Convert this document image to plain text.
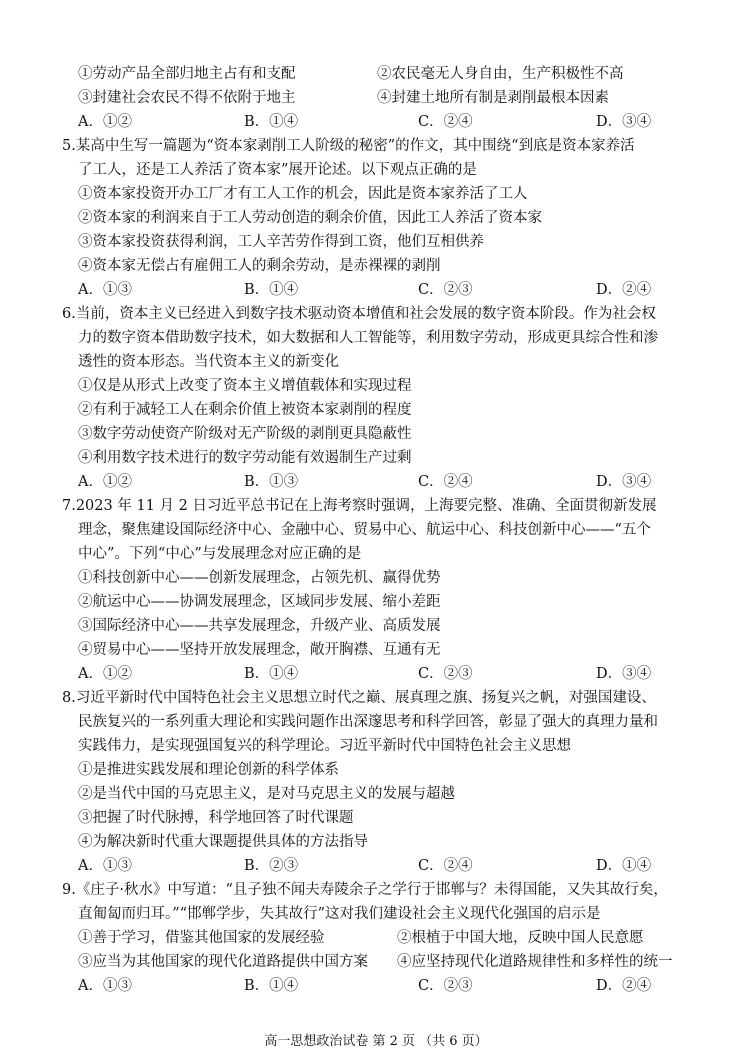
①劳动产品全部归地主占有和支配	②农民毫无人身自由，生产积极性不高
③封建社会农民不得不依附于地主	④封建土地所有制是剥削最根本因素
A．①②	B．①④	C．②④	D．③④
5.某高中生写一篇题为“资本家剥削工人阶级的秘密”的作文，其中围绕“到底是资本家养活
了工人，还是工人养活了资本家”展开论述。以下观点正确的是
①资本家投资开办工厂才有工人工作的机会，因此是资本家养活了工人
②资本家的利润来自于工人劳动创造的剩余价值，因此工人养活了资本家
③资本家投资获得利润，工人辛苦劳作得到工资，他们互相供养
④资本家无偿占有雇佣工人的剩余劳动，是赤裸裸的剥削
A．①③	B．①④	C．②③	D．②④
6.当前，资本主义已经进入到数字技术驱动资本增值和社会发展的数字资本阶段。作为社会权
力的数字资本借助数字技术，如大数据和人工智能等，利用数字劳动，形成更具综合性和渗
透性的资本形态。当代资本主义的新变化
①仅是从形式上改变了资本主义增值载体和实现过程
②有利于减轻工人在剩余价值上被资本家剥削的程度
③数字劳动使资产阶级对无产阶级的剥削更具隐蔽性
④利用数字技术进行的数字劳动能有效遏制生产过剩
A．①②	B．①③	C．②④	D．③④
7.2023 年 11 月 2 日习近平总书记在上海考察时强调，上海要完整、准确、全面贯彻新发展
理念，聚焦建设国际经济中心、金融中心、贸易中心、航运中心、科技创新中心——“五个
中心”。下列“中心”与发展理念对应正确的是
①科技创新中心——创新发展理念，占领先机、赢得优势
②航运中心——协调发展理念，区域同步发展、缩小差距
③国际经济中心——共享发展理念，升级产业、高质发展
④贸易中心——坚持开放发展理念，敞开胸襟、互通有无
A．①②	B．①④	C．②③	D．③④
8.习近平新时代中国特色社会主义思想立时代之巅、展真理之旗、扬复兴之帆，对强国建设、
民族复兴的一系列重大理论和实践问题作出深邃思考和科学回答，彰显了强大的真理力量和
实践伟力，是实现强国复兴的科学理论。习近平新时代中国特色社会主义思想
①是推进实践发展和理论创新的科学体系
②是当代中国的马克思主义，是对马克思主义的发展与超越
③把握了时代脉搏，科学地回答了时代课题
④为解决新时代重大课题提供具体的方法指导
A．①③	B．②③	C．②④	D．①④
9.《庄子·秋水》中写道：“且子独不闻夫寿陵余子之学行于邯郸与？未得国能，又失其故行矣，
直匍匐而归耳。”“邯郸学步，失其故行”这对我们建设社会主义现代化强国的启示是
①善于学习，借鉴其他国家的发展经验	②根植于中国大地，反映中国人民意愿
③应当为其他国家的现代化道路提供中国方案 ④应坚持现代化道路规律性和多样性的统一
A．①③	B．①④	C．②③	D．②④
高一思想政治试卷 第 2 页 （共 6 页）
